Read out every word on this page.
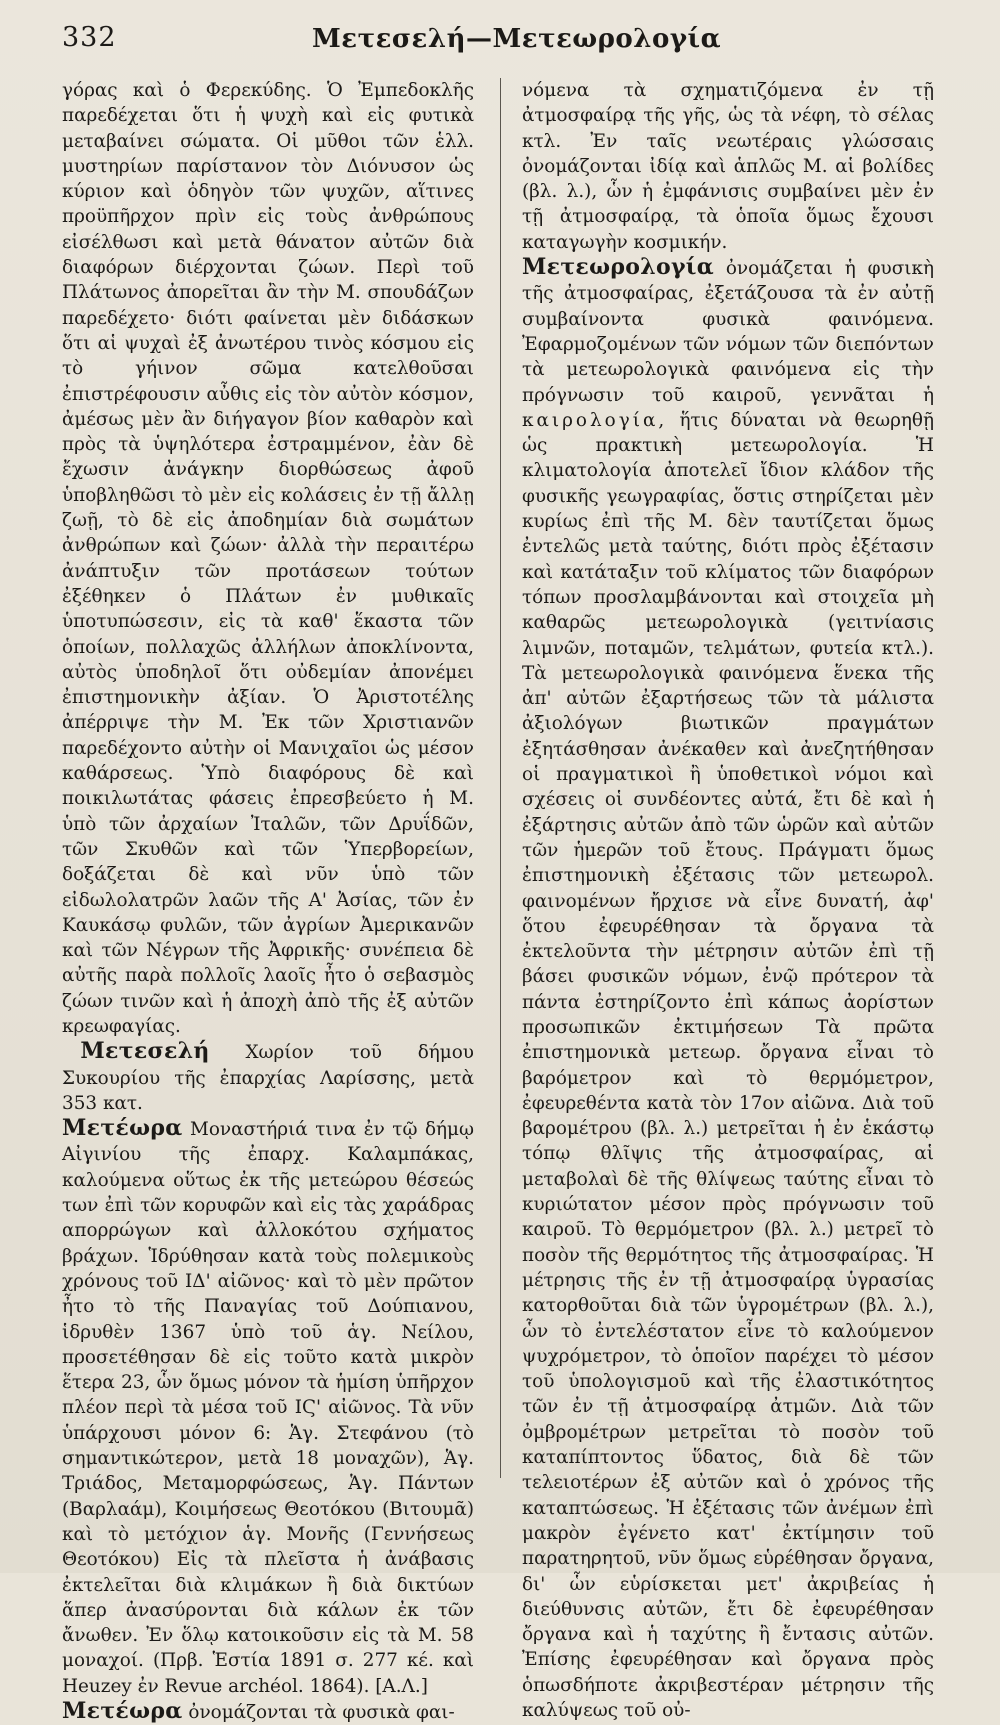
332	Μετεσελή—Μετεωρολογία

γόρας καὶ ὁ Φερεκύδης. Ὁ Ἐμπεδοκλῆς παρεδέχεται ὅτι ἡ ψυχὴ καὶ εἰς φυτικὰ μεταβαίνει σώματα. Οἱ μῦθοι τῶν ἑλλ. μυστηρίων παρίστανον τὸν Διόνυσον ὡς κύριον καὶ ὁδηγὸν τῶν ψυχῶν, αἵτινες προϋπῆρχον πρὶν εἰς τοὺς ἀνθρώπους εἰσέλθωσι καὶ μετὰ θάνατον αὐτῶν διὰ διαφόρων διέρχονται ζώων. Περὶ τοῦ Πλάτωνος ἀπορεῖται ἂν τὴν Μ. σπουδάζων παρεδέχετο· διότι φαίνεται μὲν διδάσκων ὅτι αἱ ψυχαὶ ἐξ ἀνωτέρου τινὸς κόσμου εἰς τὸ γήινον σῶμα κατελθοῦσαι ἐπιστρέφουσιν αὖθις εἰς τὸν αὐτὸν κόσμον, ἀμέσως μὲν ἂν διήγαγον βίον καθαρὸν καὶ πρὸς τὰ ὑψηλότερα ἐστραμμένον, ἐὰν δὲ ἔχωσιν ἀνάγκην διορθώσεως ἀφοῦ ὑποβληθῶσι τὸ μὲν εἰς κολάσεις ἐν τῇ ἄλλῃ ζωῇ, τὸ δὲ εἰς ἀποδημίαν διὰ σωμάτων ἀνθρώπων καὶ ζώων· ἀλλὰ τὴν περαιτέρω ἀνάπτυξιν τῶν προτάσεων τούτων ἐξέθηκεν ὁ Πλάτων ἐν μυθικαῖς ὑποτυπώσεσιν, εἰς τὰ καθ' ἕκαστα τῶν ὁποίων, πολλαχῶς ἀλλήλων ἀποκλίνοντα, αὐτὸς ὑποδηλοῖ ὅτι οὐδεμίαν ἀπονέμει ἐπιστημονικὴν ἀξίαν. Ὁ Ἀριστοτέλης ἀπέρριψε τὴν Μ. Ἐκ τῶν Χριστιανῶν παρεδέχοντο αὐτὴν οἱ Μανιχαῖοι ὡς μέσον καθάρσεως. Ὑπὸ διαφόρους δὲ καὶ ποικιλωτάτας φάσεις ἐπρεσβεύετο ἡ Μ. ὑπὸ τῶν ἀρχαίων Ἰταλῶν, τῶν Δρυΐδῶν, τῶν Σκυθῶν καὶ τῶν Ὑπερβορείων, δοξάζεται δὲ καὶ νῦν ὑπὸ τῶν εἰδωλολατρῶν λαῶν τῆς Α' Ἀσίας, τῶν ἐν Καυκάσῳ φυλῶν, τῶν ἀγρίων Ἀμερικανῶν καὶ τῶν Νέγρων τῆς Ἀφρικῆς· συνέπεια δὲ αὐτῆς παρὰ πολλοῖς λαοῖς ἦτο ὁ σεβασμὸς ζώων τινῶν καὶ ἡ ἀποχὴ ἀπὸ τῆς ἐξ αὐτῶν κρεωφαγίας.

 Μετεσελή Χωρίον τοῦ δήμου Συκουρίου τῆς ἐπαρχίας Λαρίσσης, μετὰ 353 κατ.

Μετέωρα Μοναστήριά τινα ἐν τῷ δήμῳ Αἰγινίου τῆς ἐπαρχ. Καλαμπάκας, καλούμενα οὕτως ἐκ τῆς μετεώρου θέσεώς των ἐπὶ τῶν κορυφῶν καὶ εἰς τὰς χαράδρας απορρώγων καὶ ἀλλοκότου σχήματος βράχων. Ἱδρύθησαν κατὰ τοὺς πολεμικοὺς χρόνους τοῦ ΙΔ' αἰῶνος· καὶ τὸ μὲν πρῶτον ἦτο τὸ τῆς Παναγίας τοῦ Δούπιανου, ἱδρυθὲν 1367 ὑπὸ τοῦ ἁγ. Νείλου, προσετέθησαν δὲ εἰς τοῦτο κατὰ μικρὸν ἕτερα 23, ὧν ὅμως μόνον τὰ ἡμίση ὑπῆρχον πλέον περὶ τὰ μέσα τοῦ ΙϚ' αἰῶνος. Τὰ νῦν ὑπάρχουσι μόνον 6: Ἁγ. Στεφάνου (τὸ σημαντικώτερον, μετὰ 18 μοναχῶν), Ἁγ. Τριάδος, Μεταμορφώσεως, Ἁγ. Πάντων (Βαρλαάμ), Κοιμήσεως Θεοτόκου (Βιτουμᾶ) καὶ τὸ μετόχιον ἁγ. Μονῆς (Γεννήσεως Θεοτόκου) Εἰς τὰ πλεῖστα ἡ ἀνάβασις ἐκτελεῖται διὰ κλιμάκων ἢ διὰ δικτύων ἅπερ ἀνασύρονται διὰ κάλων ἐκ τῶν ἄνωθεν. Ἐν ὅλῳ κατοικοῦσιν εἰς τὰ Μ. 58 μοναχοί. (Πρβ. Ἑστία 1891 σ. 277 κέ. καὶ Heuzey ἐν Revue archéol. 1864). [Α.Λ.]

Μετέωρα ὀνομάζονται τὰ φυσικὰ φαι-

νόμενα τὰ σχηματιζόμενα ἐν τῇ ἀτμοσφαίρᾳ τῆς γῆς, ὡς τὰ νέφη, τὸ σέλας κτλ. Ἐν ταῖς νεωτέραις γλώσσαις ὀνομάζονται ἰδίᾳ καὶ ἁπλῶς Μ. αἱ βολίδες (βλ. λ.), ὧν ἡ ἐμφάνισις συμβαίνει μὲν ἐν τῇ ἀτμοσφαίρᾳ, τὰ ὁποῖα ὅμως ἔχουσι καταγωγὴν κοσμικήν.

Μετεωρολογία ὀνομάζεται ἡ φυσικὴ τῆς ἀτμοσφαίρας, ἐξετάζουσα τὰ ἐν αὐτῇ συμβαίνοντα φυσικὰ φαινόμενα. Ἐφαρμοζομένων τῶν νόμων τῶν διεπόντων τὰ μετεωρολογικὰ φαινόμενα εἰς τὴν πρόγνωσιν τοῦ καιροῦ, γεννᾶται ἡ καιρολογία, ἥτις δύναται νὰ θεωρηθῇ ὡς πρακτικὴ μετεωρολογία. Ἡ κλιματολογία ἀποτελεῖ ἴδιον κλάδον τῆς φυσικῆς γεωγραφίας, ὅστις στηρίζεται μὲν κυρίως ἐπὶ τῆς Μ. δὲν ταυτίζεται ὅμως ἐντελῶς μετὰ ταύτης, διότι πρὸς ἐξέτασιν καὶ κατάταξιν τοῦ κλίματος τῶν διαφόρων τόπων προσλαμβάνονται καὶ στοιχεῖα μὴ καθαρῶς μετεωρολογικὰ (γειτνίασις λιμνῶν, ποταμῶν, τελμάτων, φυτεία κτλ.). Τὰ μετεωρολογικὰ φαινόμενα ἕνεκα τῆς ἀπ' αὐτῶν ἐξαρτήσεως τῶν τὰ μάλιστα ἀξιολόγων βιωτικῶν πραγμάτων ἐξητάσθησαν ἀνέκαθεν καὶ ἀνεζητήθησαν οἱ πραγματικοὶ ἢ ὑποθετικοὶ νόμοι καὶ σχέσεις οἱ συνδέοντες αὐτά, ἔτι δὲ καὶ ἡ ἐξάρτησις αὐτῶν ἀπὸ τῶν ὡρῶν καὶ αὐτῶν τῶν ἡμερῶν τοῦ ἔτους. Πράγματι ὅμως ἐπιστημονικὴ ἐξέτασις τῶν μετεωρολ. φαινομένων ἤρχισε νὰ εἶνε δυνατή, ἀφ' ὅτου ἐφευρέθησαν τὰ ὄργανα τὰ ἐκτελοῦντα τὴν μέτρησιν αὐτῶν ἐπὶ τῇ βάσει φυσικῶν νόμων, ἐνῷ πρότερον τὰ πάντα ἐστηρίζοντο ἐπὶ κάπως ἀορίστων προσωπικῶν ἐκτιμήσεων Τὰ πρῶτα ἐπιστημονικὰ μετεωρ. ὄργανα εἶναι τὸ βαρόμετρον καὶ τὸ θερμόμετρον, ἐφευρεθέντα κατὰ τὸν 17ον αἰῶνα. Διὰ τοῦ βαρομέτρου (βλ. λ.) μετρεῖται ἡ ἐν ἑκάστῳ τόπῳ θλῖψις τῆς ἀτμοσφαίρας, αἱ μεταβολαὶ δὲ τῆς θλίψεως ταύτης εἶναι τὸ κυριώτατον μέσον πρὸς πρόγνωσιν τοῦ καιροῦ. Τὸ θερμόμετρον (βλ. λ.) μετρεῖ τὸ ποσὸν τῆς θερμότητος τῆς ἀτμοσφαίρας. Ἡ μέτρησις τῆς ἐν τῇ ἀτμοσφαίρᾳ ὑγρασίας κατορθοῦται διὰ τῶν ὑγρομέτρων (βλ. λ.), ὧν τὸ ἐντελέστατον εἶνε τὸ καλούμενον ψυχρόμετρον, τὸ ὁποῖον παρέχει τὸ μέσον τοῦ ὑπολογισμοῦ καὶ τῆς ἐλαστικότητος τῶν ἐν τῇ ἀτμοσφαίρᾳ ἀτμῶν. Διὰ τῶν ὀμβρομέτρων μετρεῖται τὸ ποσὸν τοῦ καταπίπτοντος ὕδατος, διὰ δὲ τῶν τελειοτέρων ἐξ αὐτῶν καὶ ὁ χρόνος τῆς καταπτώσεως. Ἡ ἐξέτασις τῶν ἀνέμων ἐπὶ μακρὸν ἐγένετο κατ' ἐκτίμησιν τοῦ παρατηρητοῦ, νῦν ὅμως εὑρέθησαν ὄργανα, δι' ὧν εὑρίσκεται μετ' ἀκριβείας ἡ διεύθυνσις αὐτῶν, ἔτι δὲ ἐφευρέθησαν ὄργανα καὶ ἡ ταχύτης ἢ ἔντασις αὐτῶν. Ἐπίσης ἐφευρέθησαν καὶ ὄργανα πρὸς ὁπωσδήποτε ἀκριβεστέραν μέτρησιν τῆς καλύψεως τοῦ οὐ-
